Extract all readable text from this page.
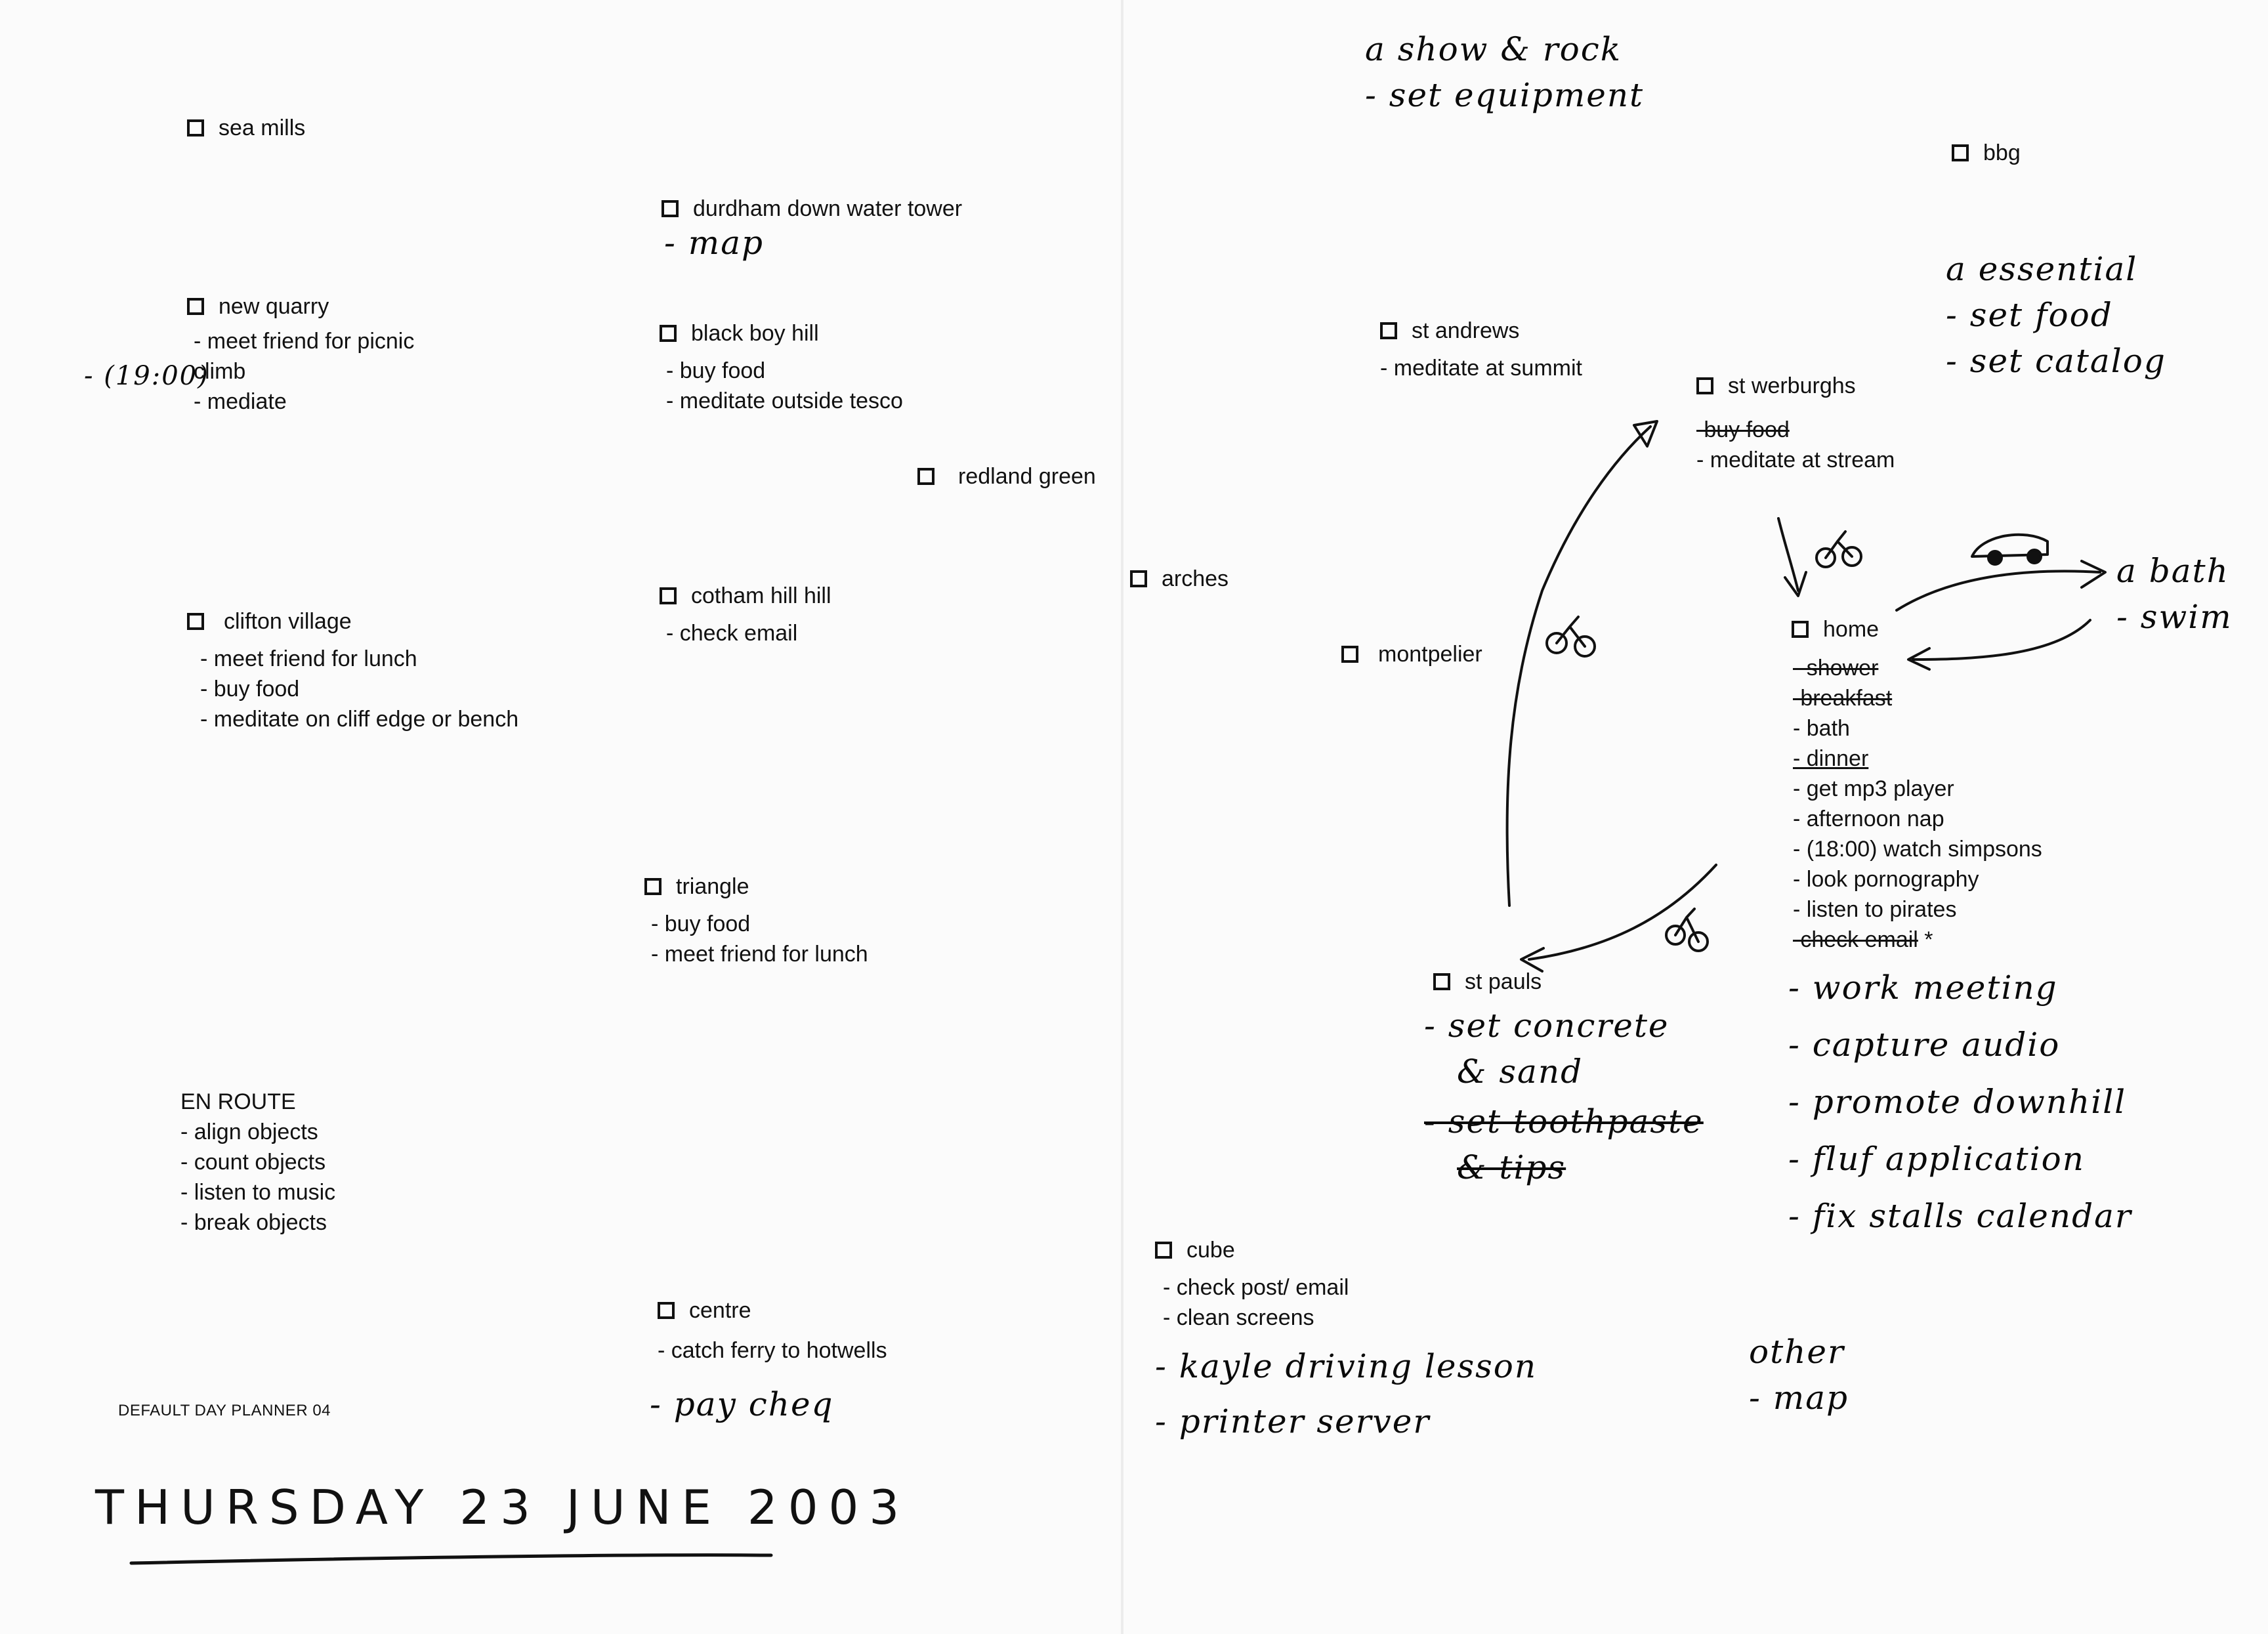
sea mills
new quarry
- meet friend for picnic
climb
- mediate
- (19:00)
clifton village
- meet friend for lunch
- buy food
- meditate on cliff edge or bench
durdham down water tower
- map
black boy hill
- buy food
- meditate outside tesco
redland green
cotham hill hill
- check email
triangle
- buy food
- meet friend for lunch
EN ROUTE
- align objects
- count objects
- listen to music
- break objects
centre
- catch ferry to hotwells
- pay cheq
DEFAULT DAY PLANNER 04
THURSDAY 23 JUNE 2003
a show & rock
- set equipment
bbg
a essential
- set food
- set catalog
st andrews
- meditate at summit
st werburghs
-buy food
- meditate at stream
arches
montpelier
a bath
- swim
home
- shower
-breakfast
- bath
- dinner
- get mp3 player
- afternoon nap
- (18:00) watch simpsons
- look pornography
- listen to pirates
-check email *
- work meeting
- capture audio
- promote downhill
- fluf application
- fix stalls calendar
st pauls
- set concrete
& sand
- set toothpaste
& tips
cube
- check post/ email
- clean screens
- kayle driving lesson
- printer server
other
- map
